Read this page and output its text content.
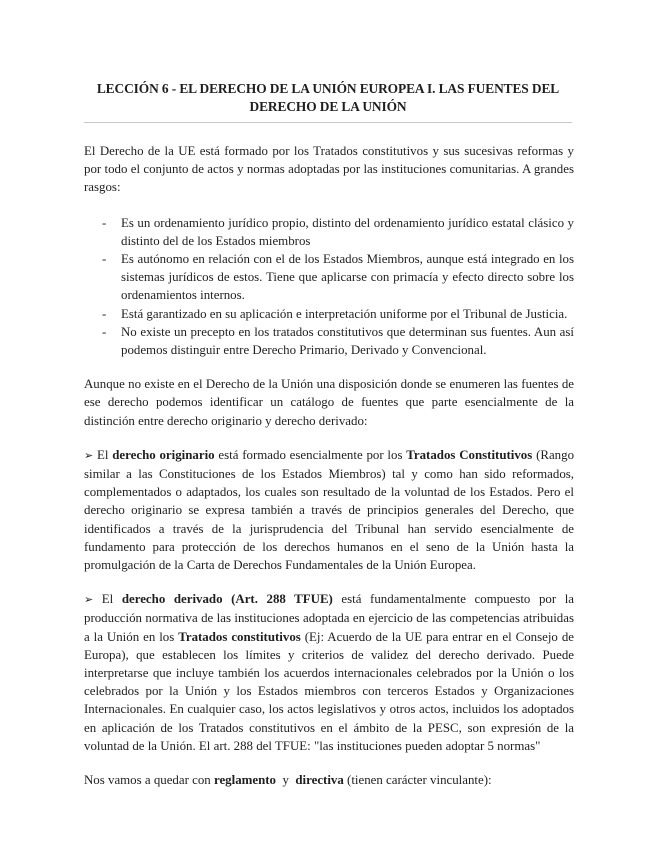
LECCIÓN 6 - EL DERECHO DE LA UNIÓN EUROPEA I. LAS FUENTES DEL
DERECHO DE LA UNIÓN

El Derecho de la UE está formado por los Tratados constitutivos y sus sucesivas reformas y por todo el conjunto de actos y normas adoptadas por las instituciones comunitarias. A grandes rasgos:

- Es un ordenamiento jurídico propio, distinto del ordenamiento jurídico estatal clásico y distinto del de los Estados miembros
- Es autónomo en relación con el de los Estados Miembros, aunque está integrado en los sistemas jurídicos de estos. Tiene que aplicarse con primacía y efecto directo sobre los ordenamientos internos.
- Está garantizado en su aplicación e interpretación uniforme por el Tribunal de Justicia.
- No existe un precepto en los tratados constitutivos que determinan sus fuentes. Aun así podemos distinguir entre Derecho Primario, Derivado y Convencional.

Aunque no existe en el Derecho de la Unión una disposición donde se enumeren las fuentes de ese derecho podemos identificar un catálogo de fuentes que parte esencialmente de la distinción entre derecho originario y derecho derivado:

➢ El derecho originario está formado esencialmente por los Tratados Constitutivos (Rango similar a las Constituciones de los Estados Miembros) tal y como han sido reformados, complementados o adaptados, los cuales son resultado de la voluntad de los Estados. Pero el derecho originario se expresa también a través de principios generales del Derecho, que identificados a través de la jurisprudencia del Tribunal han servido esencialmente de fundamento para protección de los derechos humanos en el seno de la Unión hasta la promulgación de la Carta de Derechos Fundamentales de la Unión Europea.

➢ El derecho derivado (Art. 288 TFUE) está fundamentalmente compuesto por la producción normativa de las instituciones adoptada en ejercicio de las competencias atribuidas a la Unión en los Tratados constitutivos (Ej: Acuerdo de la UE para entrar en el Consejo de Europa), que establecen los límites y criterios de validez del derecho derivado. Puede interpretarse que incluye también los acuerdos internacionales celebrados por la Unión o los celebrados por la Unión y los Estados miembros con terceros Estados y Organizaciones Internacionales. En cualquier caso, los actos legislativos y otros actos, incluidos los adoptados en aplicación de los Tratados constitutivos en el ámbito de la PESC, son expresión de la voluntad de la Unión. El art. 288 del TFUE: "las instituciones pueden adoptar 5 normas"

Nos vamos a quedar con reglamento  y  directiva (tienen carácter vinculante):
